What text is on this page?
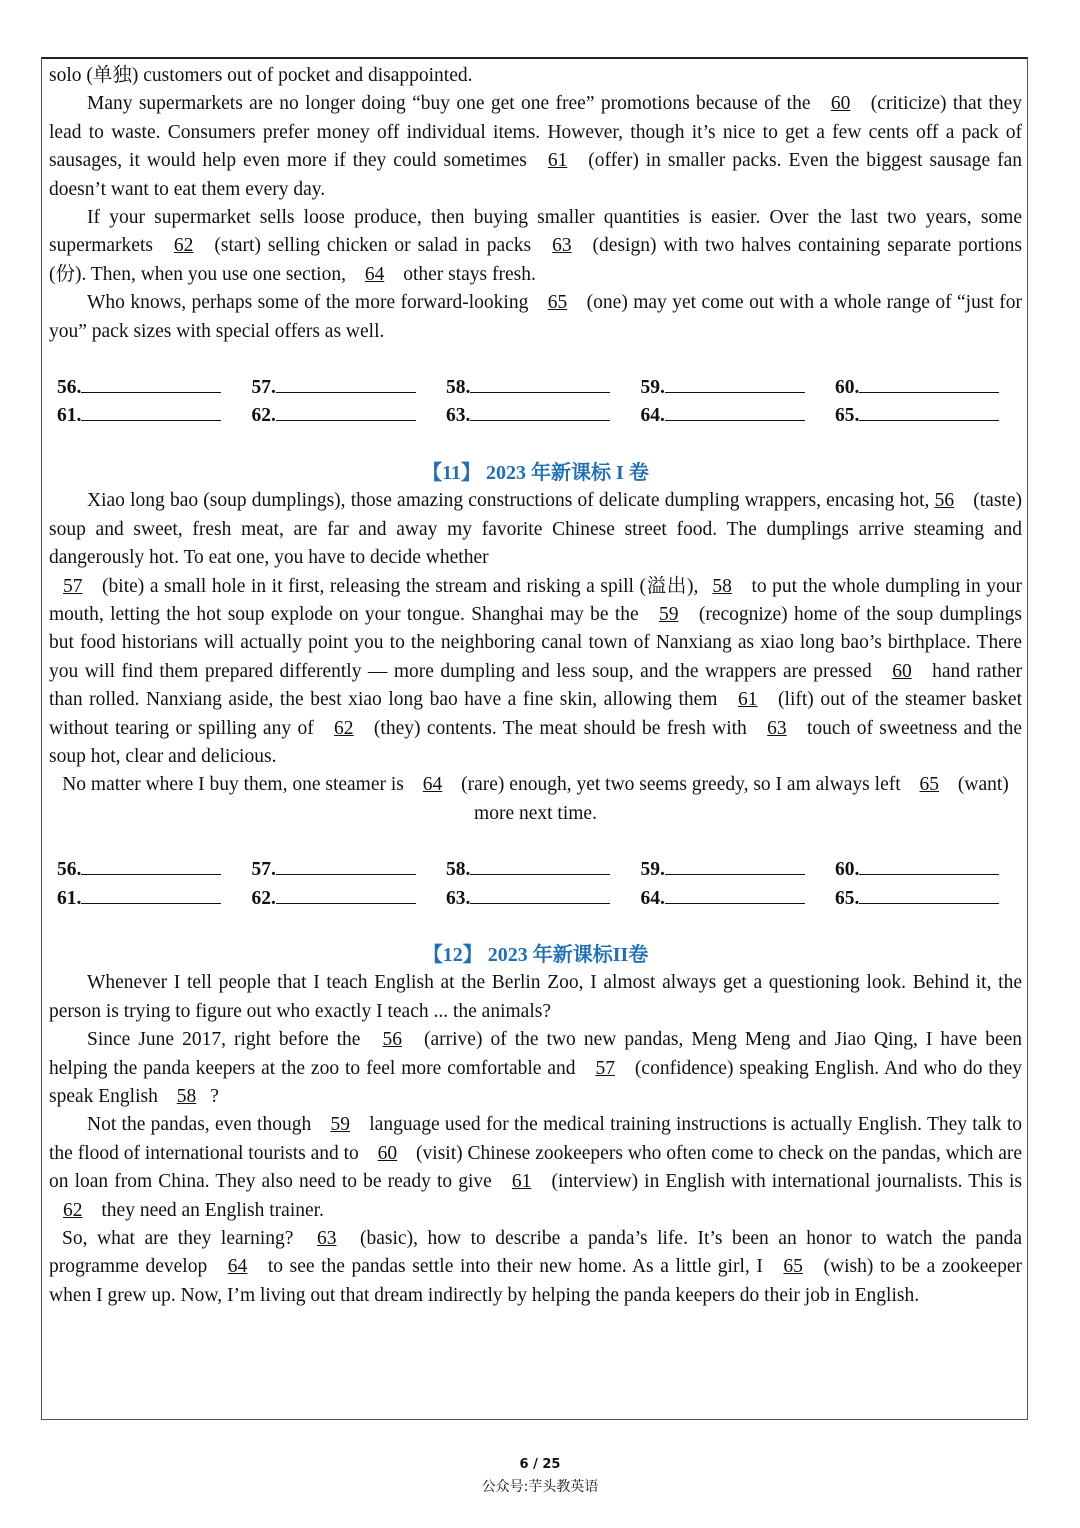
solo (单独) customers out of pocket and disappointed.

Many supermarkets are no longer doing “buy one get one free” promotions because of the 60 (criticize) that they lead to waste. Consumers prefer money off individual items. However, though it’s nice to get a few cents off a pack of sausages, it would help even more if they could sometimes 61 (offer) in smaller packs. Even the biggest sausage fan doesn’t want to eat them every day.

If your supermarket sells loose produce, then buying smaller quantities is easier. Over the last two years, some supermarkets 62 (start) selling chicken or salad in packs 63 (design) with two halves containing separate portions (份). Then, when you use one section, 64 other stays fresh.

Who knows, perhaps some of the more forward-looking 65 (one) may yet come out with a whole range of “just for you” pack sizes with special offers as well.

56.	57.	58.	59.	60.
61.	62.	63.	64.	65.
【11】 2023 年新课标 I 卷

Xiao long bao (soup dumplings), those amazing constructions of delicate dumpling wrappers, encasing hot, 56 (taste) soup and sweet, fresh meat, are far and away my favorite Chinese street food. The dumplings arrive steaming and dangerously hot. To eat one, you have to decide whether

57 (bite) a small hole in it first, releasing the stream and risking a spill (溢出), 58 to put the whole dumpling in your mouth, letting the hot soup explode on your tongue. Shanghai may be the 59 (recognize) home of the soup dumplings but food historians will actually point you to the neighboring canal town of Nanxiang as xiao long bao’s birthplace. There you will find them prepared differently — more dumpling and less soup, and the wrappers are pressed 60 hand rather than rolled. Nanxiang aside, the best xiao long bao have a fine skin, allowing them 61 (lift) out of the steamer basket without tearing or spilling any of 62 (they) contents. The meat should be fresh with 63 touch of sweetness and the soup hot, clear and delicious.

No matter where I buy them, one steamer is 64 (rare) enough, yet two seems greedy, so I am always left 65 (want) more next time.

56.	57.	58.	59.	60.
61.	62.	63.	64.	65.
【12】 2023 年新课标II卷

Whenever I tell people that I teach English at the Berlin Zoo, I almost always get a questioning look. Behind it, the person is trying to figure out who exactly I teach ... the animals?

Since June 2017, right before the 56 (arrive) of the two new pandas, Meng Meng and Jiao Qing, I have been helping the panda keepers at the zoo to feel more comfortable and 57 (confidence) speaking English. And who do they speak English 58 ?

Not the pandas, even though 59 language used for the medical training instructions is actually English. They talk to the flood of international tourists and to 60 (visit) Chinese zookeepers who often come to check on the pandas, which are on loan from China. They also need to be ready to give 61 (interview) in English with international journalists. This is 62 they need an English trainer.

So, what are they learning? 63 (basic), how to describe a panda’s life. It’s been an honor to watch the panda programme develop 64 to see the pandas settle into their new home. As a little girl, I 65 (wish) to be a zookeeper when I grew up. Now, I’m living out that dream indirectly by helping the panda keepers do their job in English.

6 / 25
公众号:芋头教英语
